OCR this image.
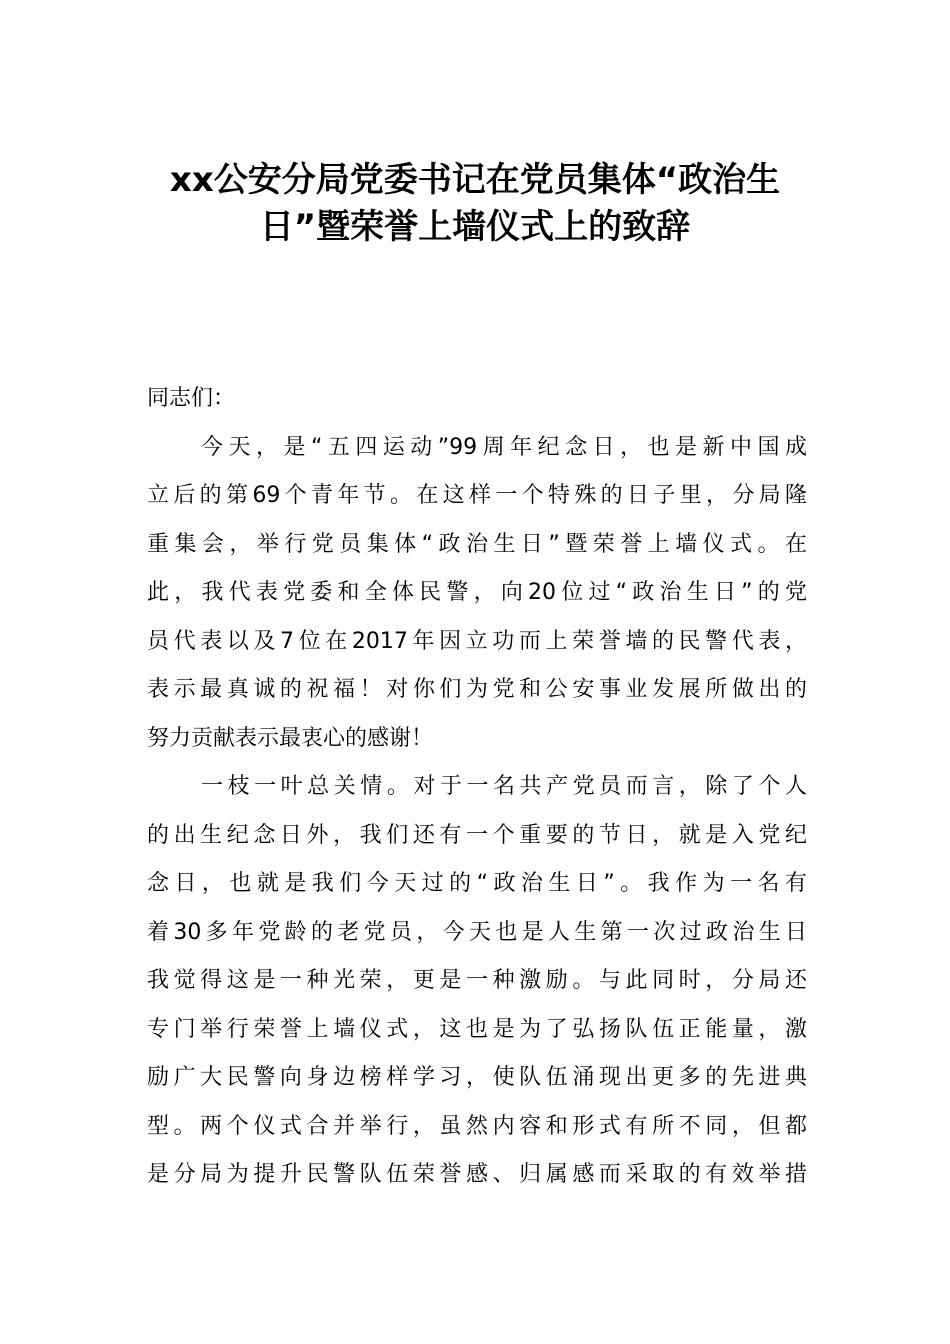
xx公安分局党委书记在党员集体“政治生
日”暨荣誉上墙仪式上的致辞
同志们：
今天，是“五四运动”99周年纪念日，也是新中国成
立后的第69个青年节。在这样一个特殊的日子里，分局隆
重集会，举行党员集体“政治生日”暨荣誉上墙仪式。在
此，我代表党委和全体民警，向20位过“政治生日”的党
员代表以及7位在2017年因立功而上荣誉墙的民警代表，
表示最真诚的祝福！对你们为党和公安事业发展所做出的
努力贡献表示最衷心的感谢！
一枝一叶总关情。对于一名共产党员而言，除了个人
的出生纪念日外，我们还有一个重要的节日，就是入党纪
念日，也就是我们今天过的“政治生日”。我作为一名有
着30多年党龄的老党员，今天也是人生第一次过政治生日
我觉得这是一种光荣，更是一种激励。与此同时，分局还
专门举行荣誉上墙仪式，这也是为了弘扬队伍正能量，激
励广大民警向身边榜样学习，使队伍涌现出更多的先进典
型。两个仪式合并举行，虽然内容和形式有所不同，但都
是分局为提升民警队伍荣誉感、归属感而采取的有效举措
